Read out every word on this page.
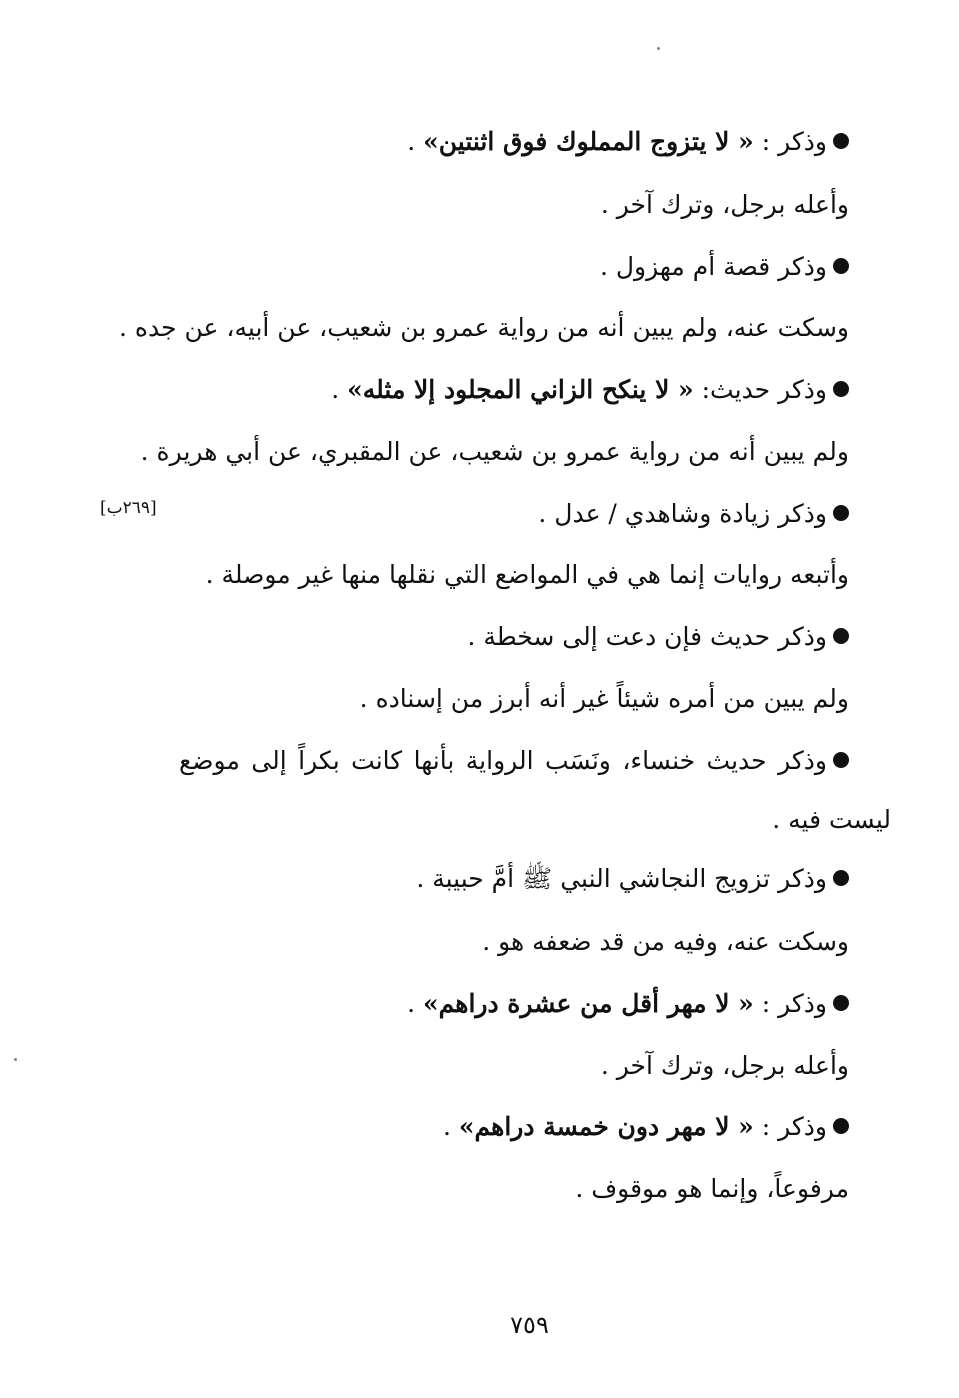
وذكر : « لا يتزوج المملوك فوق اثنتين» .
وأعله برجل، وترك آخر .
وذكر قصة أم مهزول .
وسكت عنه، ولم يبين أنه من رواية عمرو بن شعيب، عن أبيه، عن جده .
وذكر حديث: « لا ينكح الزاني المجلود إلا مثله» .
ولم يبين أنه من رواية عمرو بن شعيب، عن المقبري، عن أبي هريرة .
وذكر زيادة وشاهدي / عدل .
[٢٦٩ب]
وأتبعه روايات إنما هي في المواضع التي نقلها منها غير موصلة .
وذكر حديث فإن دعت إلى سخطة .
ولم يبين من أمره شيئاً غير أنه أبرز من إسناده .
وذكر حديث خنساء، ونَسَب الرواية بأنها كانت بكراً إلى موضع
ليست فيه .
وذكر تزويج النجاشي النبي ﷺ أمَّ حبيبة .
وسكت عنه، وفيه من قد ضعفه هو .
وذكر : « لا مهر أقل من عشرة دراهم» .
وأعله برجل، وترك آخر .
وذكر : « لا مهر دون خمسة دراهم» .
مرفوعاً، وإنما هو موقوف .
٧٥٩
